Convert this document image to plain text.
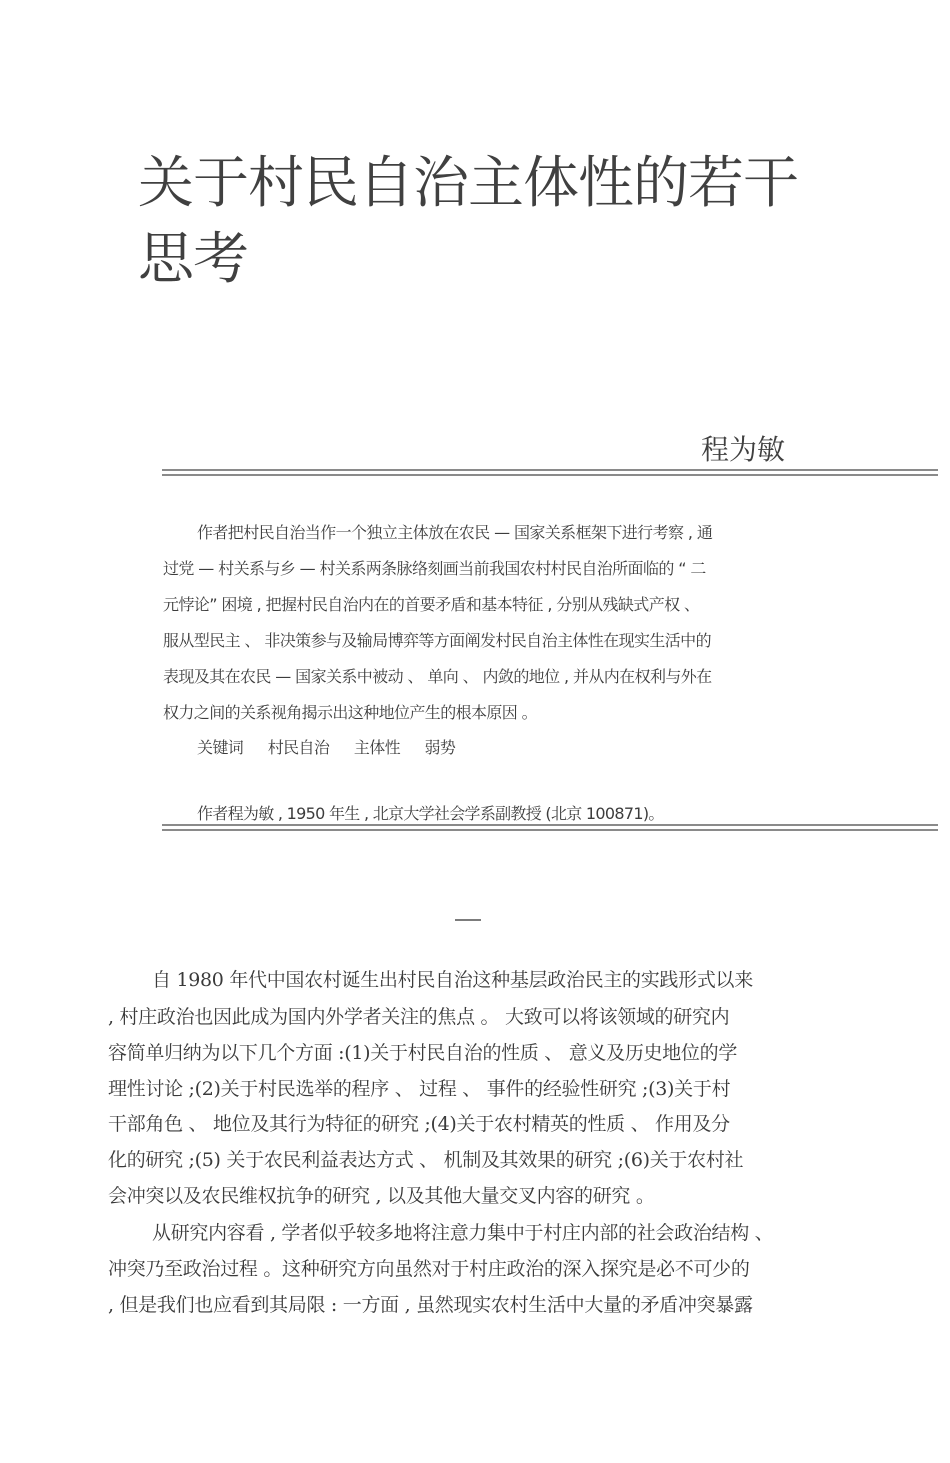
关于村民自治主体性的若干
思考
程为敏
作者把村民自治当作一个独立主体放在农民 — 国家关系框架下进行考察 , 通
过党 — 村关系与乡 — 村关系两条脉络刻画当前我国农村村民自治所面临的 “ 二
元悖论” 困境 , 把握村民自治内在的首要矛盾和基本特征 , 分别从残缺式产权 、
服从型民主 、 非决策参与及输局博弈等方面阐发村民自治主体性在现实生活中的
表现及其在农民 — 国家关系中被动 、 单向 、 内敛的地位 , 并从内在权利与外在
权力之间的关系视角揭示出这种地位产生的根本原因 。
关键词 村民自治 主体性 弱势
作者程为敏 , 1950 年生 , 北京大学社会学系副教授 (北京 100871)。
自 1980 年代中国农村诞生出村民自治这种基层政治民主的实践形式以来
, 村庄政治也因此成为国内外学者关注的焦点 。 大致可以将该领域的研究内
容简单归纳为以下几个方面 :(1)关于村民自治的性质 、 意义及历史地位的学
理性讨论 ;(2)关于村民选举的程序 、 过程 、 事件的经验性研究 ;(3)关于村
干部角色 、 地位及其行为特征的研究 ;(4)关于农村精英的性质 、 作用及分
化的研究 ;(5) 关于农民利益表达方式 、 机制及其效果的研究 ;(6)关于农村社
会冲突以及农民维权抗争的研究 , 以及其他大量交叉内容的研究 。
从研究内容看 , 学者似乎较多地将注意力集中于村庄内部的社会政治结构 、
冲突乃至政治过程 。这种研究方向虽然对于村庄政治的深入探究是必不可少的
, 但是我们也应看到其局限 : 一方面 , 虽然现实农村生活中大量的矛盾冲突暴露
